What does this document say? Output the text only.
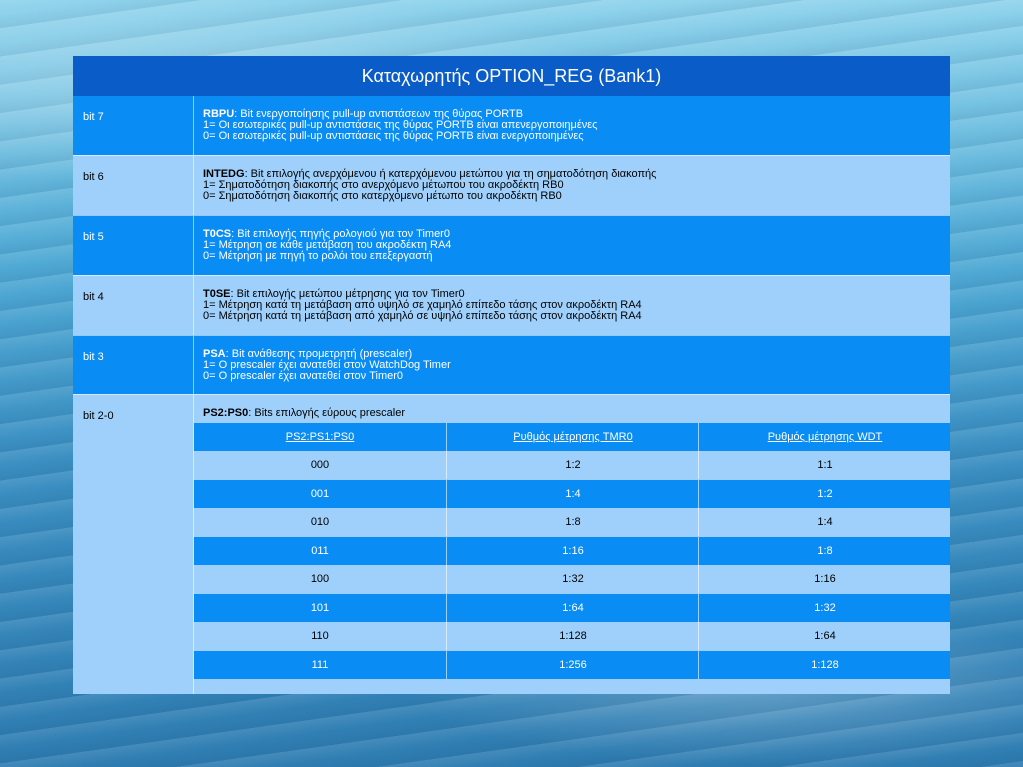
Καταχωρητής OPTION_REG (Bank1)
bit 7	RBPU: Bit ενεργοποίησης pull-up αντιστάσεων της θύρας PORTB
1= Οι εσωτερικές pull-up αντιστάσεις της θύρας PORTB είναι απενεργοποιημένες
0= Οι εσωτερικές pull-up αντιστάσεις της θύρας PORTB είναι ενεργοποιημένες
bit 6	INTEDG: Bit επιλογής ανερχόμενου ή κατερχόμενου μετώπου για τη σηματοδότηση διακοπής
1= Σηματοδότηση διακοπής στο ανερχόμενο μέτωπου του ακροδέκτη RB0
0= Σηματοδότηση διακοπής στο κατερχόμενο μέτωπο του ακροδέκτη RB0
bit 5	T0CS: Bit επιλογής πηγής ρολογιού για τον Timer0
1= Μέτρηση σε κάθε μετάβαση του ακροδέκτη RA4
0= Μέτρηση με πηγή το ρολόι του επεξεργαστή
bit 4	T0SE: Bit επιλογής μετώπου μέτρησης για τον Timer0
1= Μέτρηση κατά τη μετάβαση από υψηλό σε χαμηλό επίπεδο τάσης στον ακροδέκτη RA4
0= Μέτρηση κατά τη μετάβαση από χαμηλό σε υψηλό επίπεδο τάσης στον ακροδέκτη RA4
bit 3	PSA: Bit ανάθεσης προμετρητή (prescaler)
1= Ο prescaler έχει ανατεθεί στον WatchDog Timer
0= Ο prescaler έχει ανατεθεί στον Timer0
bit 2-0	PS2:PS0: Bits επιλογής εύρους prescaler
PS2:PS1:PS0	Ρυθμός μέτρησης TMR0	Ρυθμός μέτρησης WDT
000	1:2	1:1
001	1:4	1:2
010	1:8	1:4
011	1:16	1:8
100	1:32	1:16
101	1:64	1:32
110	1:128	1:64
111	1:256	1:128
